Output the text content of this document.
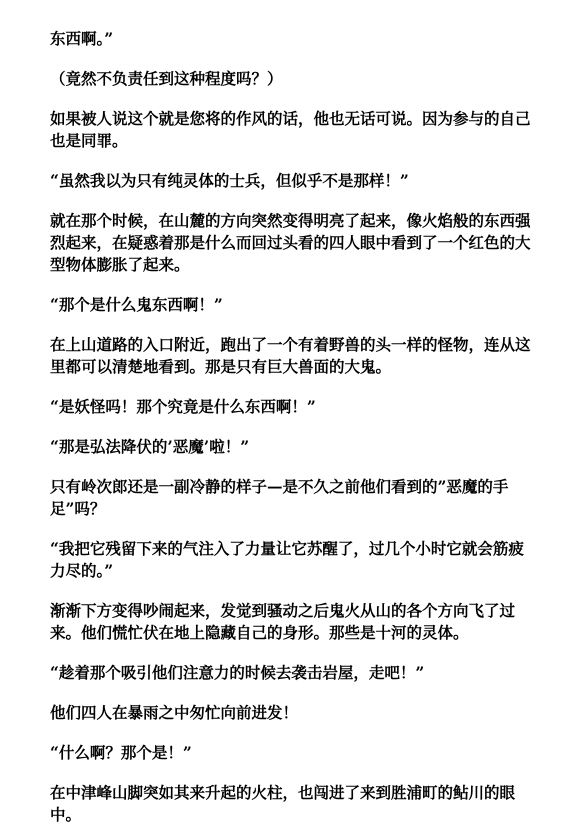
东西啊。”

（竟然不负责任到这种程度吗？）

如果被人说这个就是您将的作风的话，他也无话可说。因为参与的自己也是同罪。

“虽然我以为只有纯灵体的士兵，但似乎不是那样！”

就在那个时候，在山麓的方向突然变得明亮了起来，像火焰般的东西强烈起来，在疑惑着那是什么而回过头看的四人眼中看到了一个红色的大型物体膨胀了起来。

“那个是什么鬼东西啊！”

在上山道路的入口附近，跑出了一个有着野兽的头一样的怪物，连从这里都可以清楚地看到。那是只有巨大兽面的大鬼。

“是妖怪吗！那个究竟是什么东西啊！”

“那是弘法降伏的’恶魔’啦！”

只有岭次郎还是一副冷静的样子—是不久之前他们看到的”恶魔的手足”吗？

“我把它残留下来的气注入了力量让它苏醒了，过几个小时它就会筋疲力尽的。”

渐渐下方变得吵闹起来，发觉到骚动之后鬼火从山的各个方向飞了过来。他们慌忙伏在地上隐藏自己的身形。那些是十河的灵体。

“趁着那个吸引他们注意力的时候去袭击岩屋，走吧！”

他们四人在暴雨之中匆忙向前进发！

“什么啊？那个是！”

在中津峰山脚突如其来升起的火柱，也闯进了来到胜浦町的鲇川的眼中。
